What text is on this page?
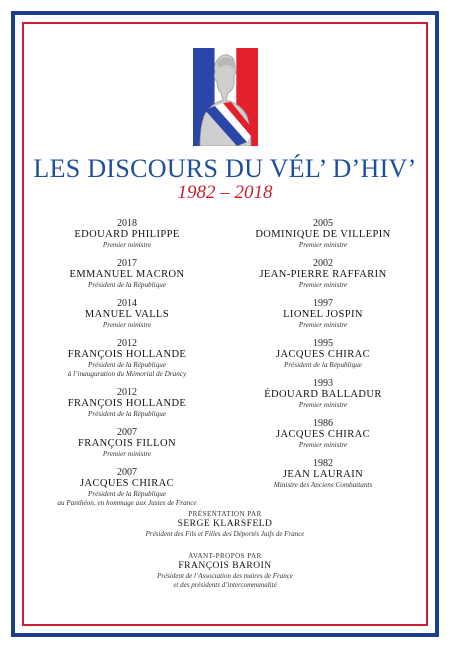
LES DISCOURS DU VÉL’ D’HIV’
1982 – 2018
2018
EDOUARD PHILIPPE
Premier ministre
2017
EMMANUEL MACRON
Président de la République
2014
MANUEL VALLS
Premier ministre
2012
FRANÇOIS HOLLANDE
Président de la République
à l’inauguration du Mémorial de Drancy
2012
FRANÇOIS HOLLANDE
Président de la République
2007
FRANÇOIS FILLON
Premier ministre
2007
JACQUES CHIRAC
Président de la République
au Panthéon, en hommage aux Justes de France
2005
DOMINIQUE DE VILLEPIN
Premier ministre
2002
JEAN-PIERRE RAFFARIN
Premier ministre
1997
LIONEL JOSPIN
Premier ministre
1995
JACQUES CHIRAC
Président de la République
1993
ÉDOUARD BALLADUR
Premier ministre
1986
JACQUES CHIRAC
Premier ministre
1982
JEAN LAURAIN
Ministre des Anciens Combattants
PRÉSENTATION PAR
SERGE KLARSFELD
Président des Fils et Filles des Déportés Juifs de France
AVANT-PROPOS PAR
FRANÇOIS BAROIN
Président de l’Association des maires de France
et des présidents d’intercommunalité
